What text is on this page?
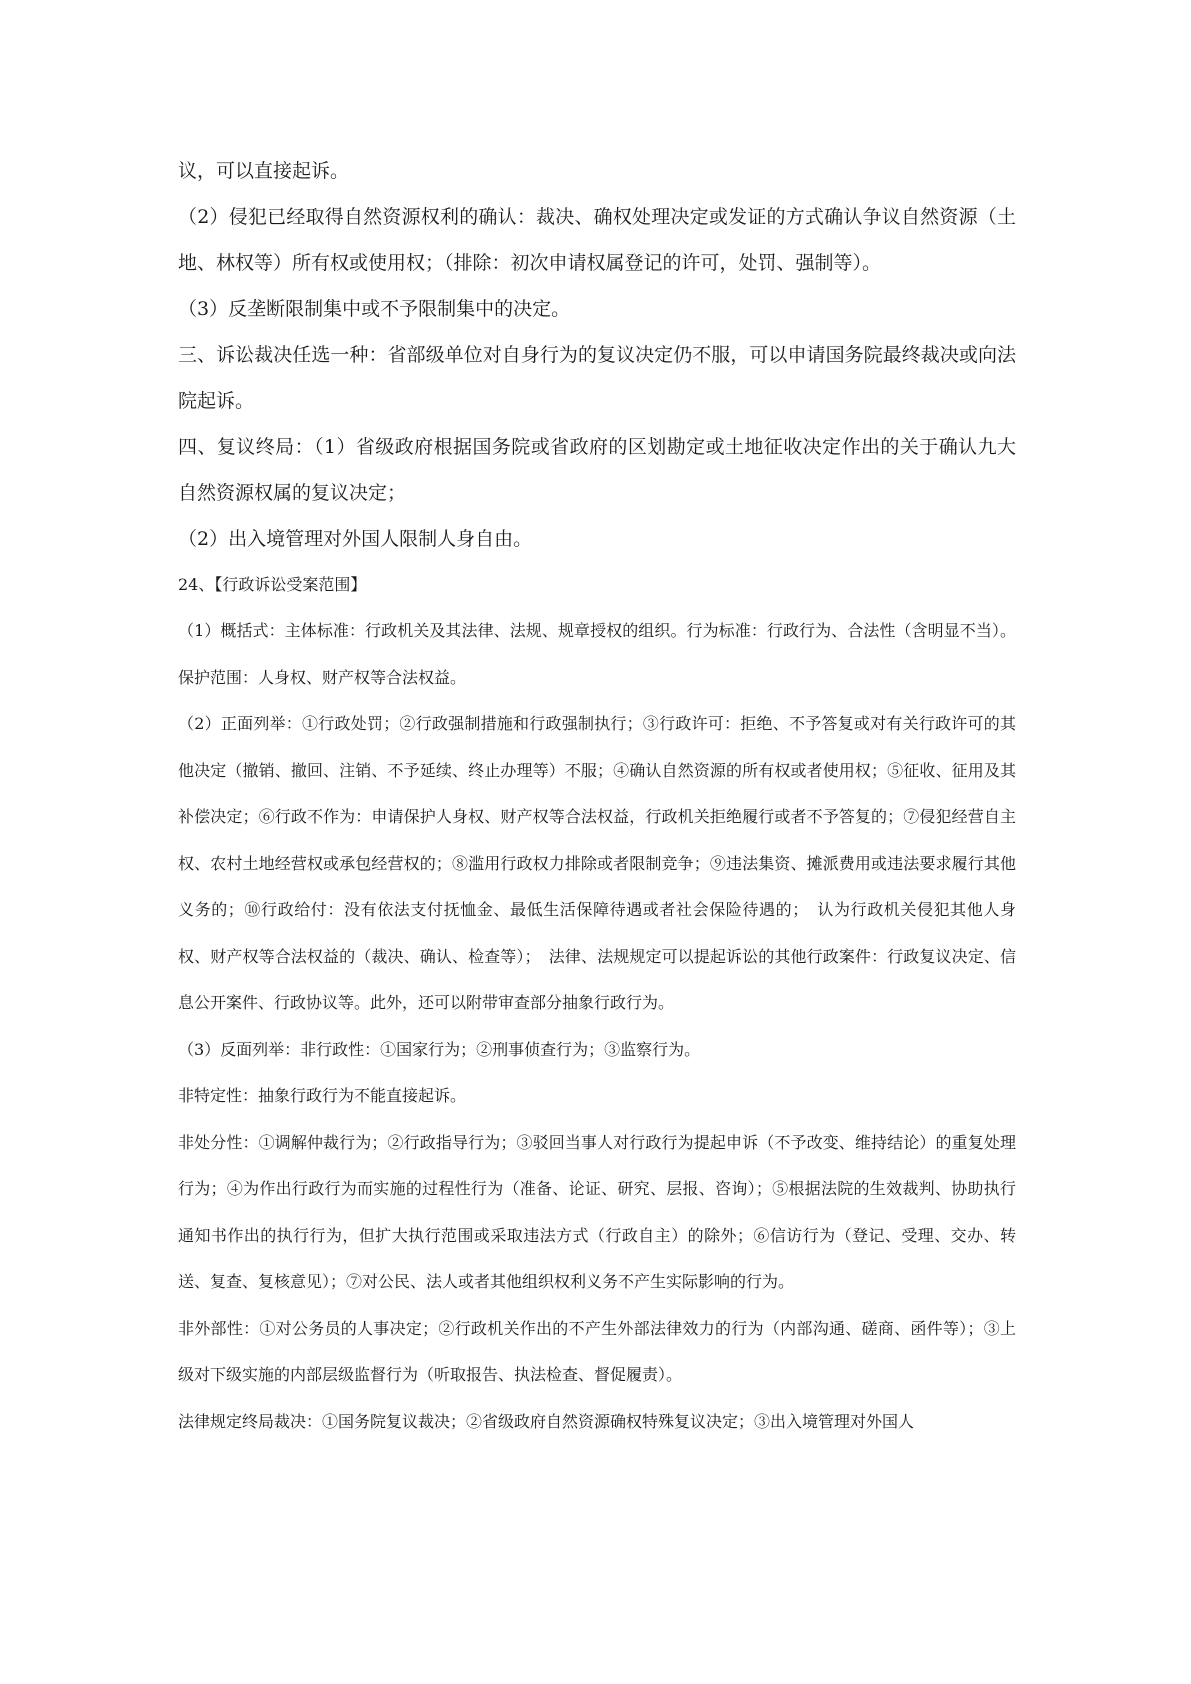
议，可以直接起诉。

（2）侵犯已经取得自然资源权利的确认：裁决、确权处理决定或发证的方式确认争议自然资源（土地、林权等）所有权或使用权；（排除：初次申请权属登记的许可，处罚、强制等）。

（3）反垄断限制集中或不予限制集中的决定。

三、诉讼裁决任选一种：省部级单位对自身行为的复议决定仍不服，可以申请国务院最终裁决或向法院起诉。

四、复议终局：（1）省级政府根据国务院或省政府的区划勘定或土地征收决定作出的关于确认九大自然资源权属的复议决定；

（2）出入境管理对外国人限制人身自由。

24、【行政诉讼受案范围】

（1）概括式：主体标准：行政机关及其法律、法规、规章授权的组织。行为标准：行政行为、合法性（含明显不当）。保护范围：人身权、财产权等合法权益。

（2）正面列举：①行政处罚；②行政强制措施和行政强制执行；③行政许可：拒绝、不予答复或对有关行政许可的其他决定（撤销、撤回、注销、不予延续、终止办理等）不服；④确认自然资源的所有权或者使用权；⑤征收、征用及其补偿决定；⑥行政不作为：申请保护人身权、财产权等合法权益，行政机关拒绝履行或者不予答复的；⑦侵犯经营自主权、农村土地经营权或承包经营权的；⑧滥用行政权力排除或者限制竞争；⑨违法集资、摊派费用或违法要求履行其他义务的；⑩行政给付：没有依法支付抚恤金、最低生活保障待遇或者社会保险待遇的；　认为行政机关侵犯其他人身权、财产权等合法权益的（裁决、确认、检查等）；　法律、法规规定可以提起诉讼的其他行政案件：行政复议决定、信息公开案件、行政协议等。此外，还可以附带审查部分抽象行政行为。

（3）反面列举：非行政性：①国家行为；②刑事侦查行为；③监察行为。

非特定性：抽象行政行为不能直接起诉。

非处分性：①调解仲裁行为；②行政指导行为；③驳回当事人对行政行为提起申诉（不予改变、维持结论）的重复处理行为；④为作出行政行为而实施的过程性行为（准备、论证、研究、层报、咨询）；⑤根据法院的生效裁判、协助执行通知书作出的执行行为，但扩大执行范围或采取违法方式（行政自主）的除外；⑥信访行为（登记、受理、交办、转送、复查、复核意见）；⑦对公民、法人或者其他组织权利义务不产生实际影响的行为。

非外部性：①对公务员的人事决定；②行政机关作出的不产生外部法律效力的行为（内部沟通、磋商、函件等）；③上级对下级实施的内部层级监督行为（听取报告、执法检查、督促履责）。

法律规定终局裁决：①国务院复议裁决；②省级政府自然资源确权特殊复议决定；③出入境管理对外国人
